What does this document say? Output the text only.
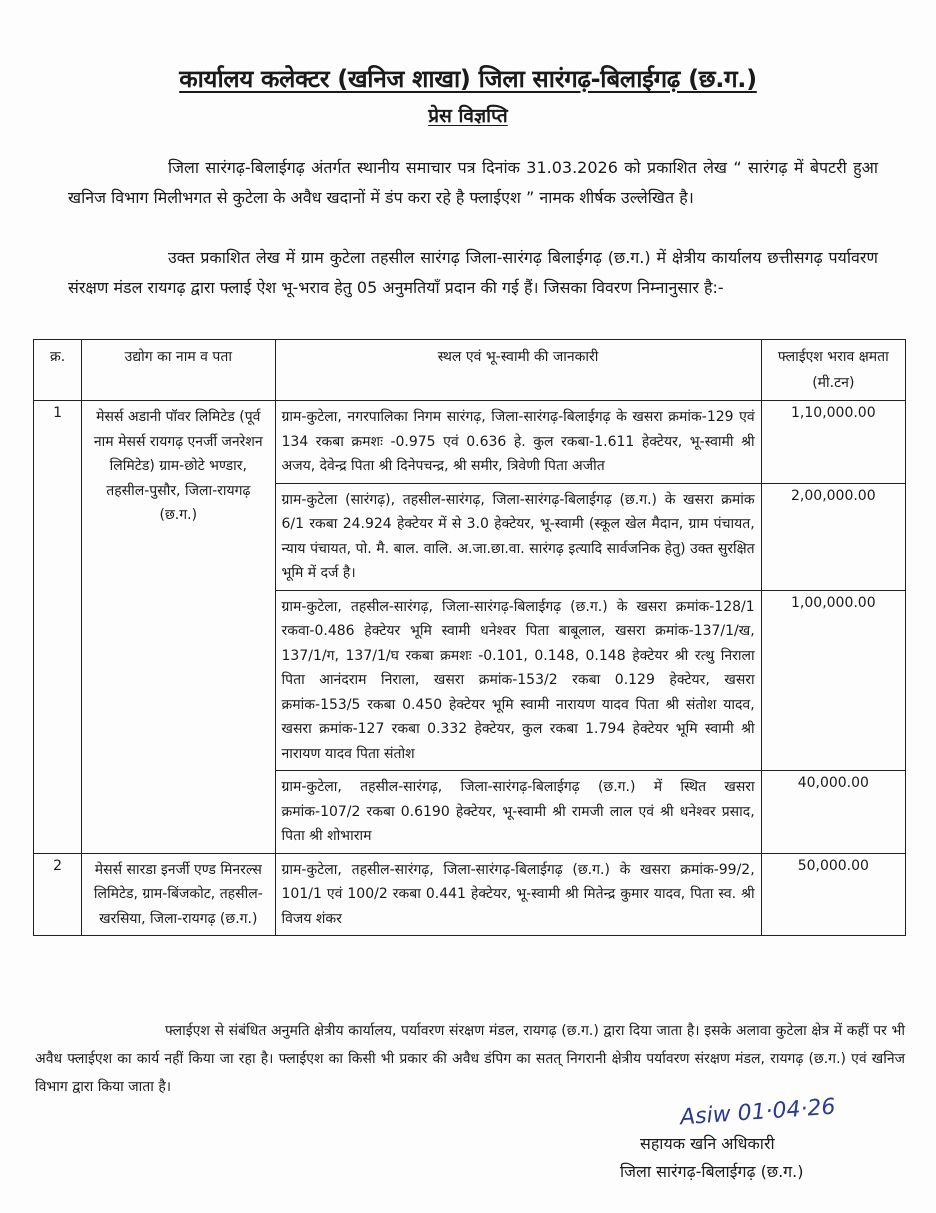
कार्यालय कलेक्टर (खनिज शाखा) जिला सारंगढ़-बिलाईगढ़ (छ.ग.)
प्रेस विज्ञप्ति

जिला सारंगढ़-बिलाईगढ़ अंतर्गत स्थानीय समाचार पत्र दिनांक 31.03.2026 को प्रकाशित लेख “ सारंगढ़ में बेपटरी हुआ खनिज विभाग मिलीभगत से कुटेला के अवैध खदानों में डंप करा रहे है फ्लाईएश ” नामक शीर्षक उल्लेखित है।

उक्त प्रकाशित लेख में ग्राम कुटेला तहसील सारंगढ़ जिला-सारंगढ़ बिलाईगढ़ (छ.ग.) में क्षेत्रीय कार्यालय छत्तीसगढ़ पर्यावरण संरक्षण मंडल रायगढ़ द्वारा फ्लाई ऐश भू-भराव हेतु 05 अनुमतियाँ प्रदान की गई हैं। जिसका विवरण निम्नानुसार है:-

क्र.	उद्योग का नाम व पता	स्थल एवं भू-स्वामी की जानकारी	फ्लाईएश भराव क्षमता (मी.टन)
1	मेसर्स अडानी पॉवर लिमिटेड (पूर्व नाम मेसर्स रायगढ़ एनर्जी जनरेशन लिमिटेड) ग्राम-छोटे भण्डार, तहसील-पुसौर, जिला-रायगढ़ (छ.ग.)	ग्राम-कुटेला, नगरपालिका निगम सारंगढ़, जिला-सारंगढ़-बिलाईगढ़ के खसरा क्रमांक-129 एवं 134 रकबा क्रमशः -0.975 एवं 0.636 हे. कुल रकबा-1.611 हेक्टेयर, भू-स्वामी श्री अजय, देवेन्द्र पिता श्री दिनेपचन्द्र, श्री समीर, त्रिवेणी पिता अजीत	1,10,000.00
		ग्राम-कुटेला (सारंगढ़), तहसील-सारंगढ़, जिला-सारंगढ़-बिलाईगढ़ (छ.ग.) के खसरा क्रमांक 6/1 रकबा 24.924 हेक्टेयर में से 3.0 हेक्टेयर, भू-स्वामी (स्कूल खेल मैदान, ग्राम पंचायत, न्याय पंचायत, पो. मै. बाल. वालि. अ.जा.छा.वा. सारंगढ़ इत्यादि सार्वजनिक हेतु) उक्त सुरक्षित भूमि में दर्ज है।	2,00,000.00
		ग्राम-कुटेला, तहसील-सारंगढ़, जिला-सारंगढ़-बिलाईगढ़ (छ.ग.) के खसरा क्रमांक-128/1 रकवा-0.486 हेक्टेयर भूमि स्वामी धनेश्वर पिता बाबूलाल, खसरा क्रमांक-137/1/ख, 137/1/ग, 137/1/घ रकबा क्रमशः -0.101, 0.148, 0.148 हेक्टेयर श्री रत्थु निराला पिता आनंदराम निराला, खसरा क्रमांक-153/2 रकबा 0.129 हेक्टेयर, खसरा क्रमांक-153/5 रकबा 0.450 हेक्टेयर भूमि स्वामी नारायण यादव पिता श्री संतोश यादव, खसरा क्रमांक-127 रकबा 0.332 हेक्टेयर, कुल रकबा 1.794 हेक्टेयर भूमि स्वामी श्री नारायण यादव पिता संतोश	1,00,000.00
		ग्राम-कुटेला, तहसील-सारंगढ़, जिला-सारंगढ़-बिलाईगढ़ (छ.ग.) में स्थित खसरा क्रमांक-107/2 रकबा 0.6190 हेक्टेयर, भू-स्वामी श्री रामजी लाल एवं श्री धनेश्वर प्रसाद, पिता श्री शोभाराम	40,000.00
2	मेसर्स सारडा इनर्जी एण्ड मिनरल्स लिमिटेड, ग्राम-बिंजकोट, तहसील-खरसिया, जिला-रायगढ़ (छ.ग.)	ग्राम-कुटेला, तहसील-सारंगढ़, जिला-सारंगढ़-बिलाईगढ़ (छ.ग.) के खसरा क्रमांक-99/2, 101/1 एवं 100/2 रकबा 0.441 हेक्टेयर, भू-स्वामी श्री मितेन्द्र कुमार यादव, पिता स्व. श्री विजय शंकर	50,000.00

फ्लाईएश से संबंधित अनुमति क्षेत्रीय कार्यालय, पर्यावरण संरक्षण मंडल, रायगढ़ (छ.ग.) द्वारा दिया जाता है। इसके अलावा कुटेला क्षेत्र में कहीं पर भी अवैध फ्लाईएश का कार्य नहीं किया जा रहा है। फ्लाईएश का किसी भी प्रकार की अवैध डंपिग का सतत् निगरानी क्षेत्रीय पर्यावरण संरक्षण मंडल, रायगढ़ (छ.ग.) एवं खनिज विभाग द्वारा किया जाता है।

Asiw 01·04·26
सहायक खनि अधिकारी
जिला सारंगढ़-बिलाईगढ़ (छ.ग.)
